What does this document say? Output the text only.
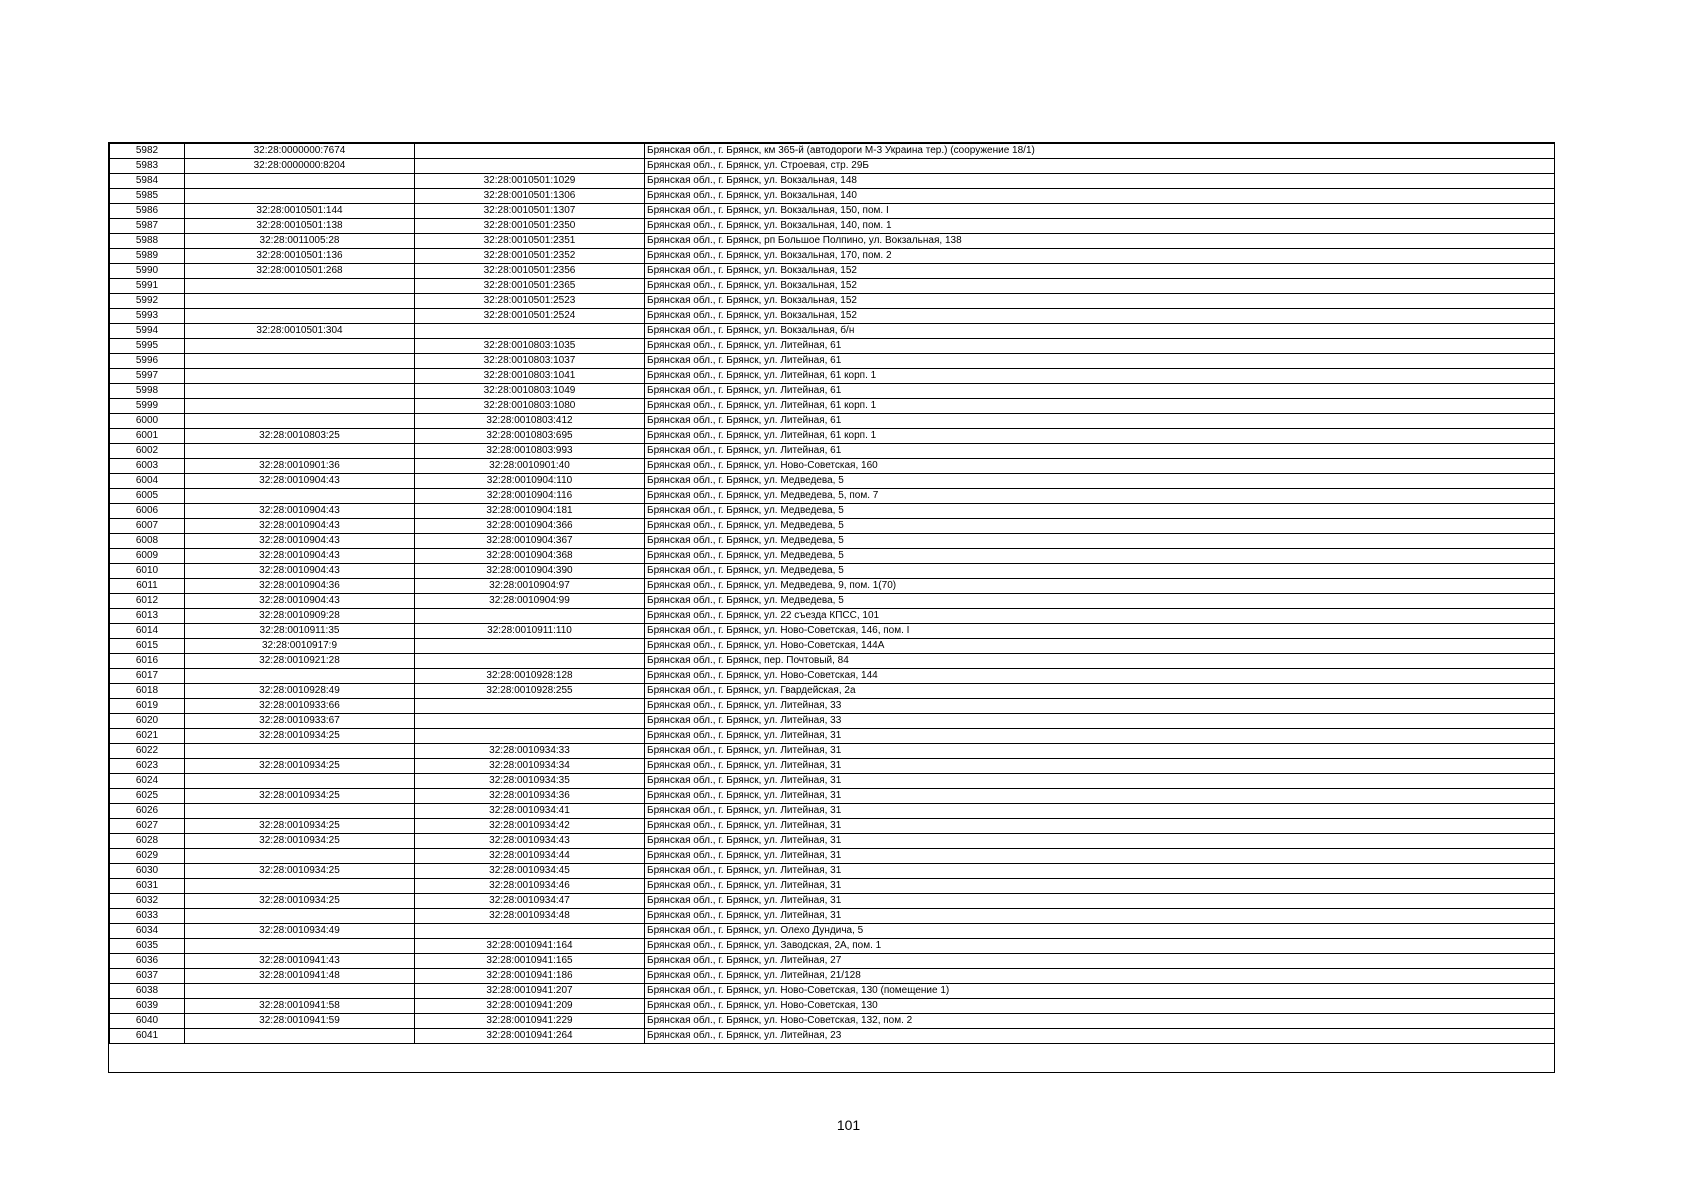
5982	32:28:0000000:7674		Брянская обл., г. Брянск, км 365-й (автодороги М-3 Украина тер.) (сооружение 18/1)
5983	32:28:0000000:8204		Брянская обл., г. Брянск, ул. Строевая, стр. 29Б
5984		32:28:0010501:1029	Брянская обл., г. Брянск, ул. Вокзальная, 148
5985		32:28:0010501:1306	Брянская обл., г. Брянск, ул. Вокзальная, 140
5986	32:28:0010501:144	32:28:0010501:1307	Брянская обл., г. Брянск, ул. Вокзальная, 150, пом. I
5987	32:28:0010501:138	32:28:0010501:2350	Брянская обл., г. Брянск, ул. Вокзальная, 140, пом. 1
5988	32:28:0011005:28	32:28:0010501:2351	Брянская обл., г. Брянск, рп Большое Полпино, ул. Вокзальная, 138
5989	32:28:0010501:136	32:28:0010501:2352	Брянская обл., г. Брянск, ул. Вокзальная, 170, пом. 2
5990	32:28:0010501:268	32:28:0010501:2356	Брянская обл., г. Брянск, ул. Вокзальная, 152
5991		32:28:0010501:2365	Брянская обл., г. Брянск, ул. Вокзальная, 152
5992		32:28:0010501:2523	Брянская обл., г. Брянск, ул. Вокзальная, 152
5993		32:28:0010501:2524	Брянская обл., г. Брянск, ул. Вокзальная, 152
5994	32:28:0010501:304		Брянская обл., г. Брянск, ул. Вокзальная, б/н
5995		32:28:0010803:1035	Брянская обл., г. Брянск, ул. Литейная, 61
5996		32:28:0010803:1037	Брянская обл., г. Брянск, ул. Литейная, 61
5997		32:28:0010803:1041	Брянская обл., г. Брянск, ул. Литейная, 61 корп. 1
5998		32:28:0010803:1049	Брянская обл., г. Брянск, ул. Литейная, 61
5999		32:28:0010803:1080	Брянская обл., г. Брянск, ул. Литейная, 61 корп. 1
6000		32:28:0010803:412	Брянская обл., г. Брянск, ул. Литейная, 61
6001	32:28:0010803:25	32:28:0010803:695	Брянская обл., г. Брянск, ул. Литейная, 61 корп. 1
6002		32:28:0010803:993	Брянская обл., г. Брянск, ул. Литейная, 61
6003	32:28:0010901:36	32:28:0010901:40	Брянская обл., г. Брянск, ул. Ново-Советская, 160
6004	32:28:0010904:43	32:28:0010904:110	Брянская обл., г. Брянск, ул. Медведева, 5
6005		32:28:0010904:116	Брянская обл., г. Брянск, ул. Медведева, 5, пом. 7
6006	32:28:0010904:43	32:28:0010904:181	Брянская обл., г. Брянск, ул. Медведева, 5
6007	32:28:0010904:43	32:28:0010904:366	Брянская обл., г. Брянск, ул. Медведева, 5
6008	32:28:0010904:43	32:28:0010904:367	Брянская обл., г. Брянск, ул. Медведева, 5
6009	32:28:0010904:43	32:28:0010904:368	Брянская обл., г. Брянск, ул. Медведева, 5
6010	32:28:0010904:43	32:28:0010904:390	Брянская обл., г. Брянск, ул. Медведева, 5
6011	32:28:0010904:36	32:28:0010904:97	Брянская обл., г. Брянск, ул. Медведева, 9, пом. 1(70)
6012	32:28:0010904:43	32:28:0010904:99	Брянская обл., г. Брянск, ул. Медведева, 5
6013	32:28:0010909:28		Брянская обл., г. Брянск, ул. 22 съезда КПСС, 101
6014	32:28:0010911:35	32:28:0010911:110	Брянская обл., г. Брянск, ул. Ново-Советская, 146, пом. I
6015	32:28:0010917:9		Брянская обл., г. Брянск, ул. Ново-Советская, 144А
6016	32:28:0010921:28		Брянская обл., г. Брянск, пер. Почтовый, 84
6017		32:28:0010928:128	Брянская обл., г. Брянск, ул. Ново-Советская, 144
6018	32:28:0010928:49	32:28:0010928:255	Брянская обл., г. Брянск, ул. Гвардейская, 2а
6019	32:28:0010933:66		Брянская обл., г. Брянск, ул. Литейная, 33
6020	32:28:0010933:67		Брянская обл., г. Брянск, ул. Литейная, 33
6021	32:28:0010934:25		Брянская обл., г. Брянск, ул. Литейная, 31
6022		32:28:0010934:33	Брянская обл., г. Брянск, ул. Литейная, 31
6023	32:28:0010934:25	32:28:0010934:34	Брянская обл., г. Брянск, ул. Литейная, 31
6024		32:28:0010934:35	Брянская обл., г. Брянск, ул. Литейная, 31
6025	32:28:0010934:25	32:28:0010934:36	Брянская обл., г. Брянск, ул. Литейная, 31
6026		32:28:0010934:41	Брянская обл., г. Брянск, ул. Литейная, 31
6027	32:28:0010934:25	32:28:0010934:42	Брянская обл., г. Брянск, ул. Литейная, 31
6028	32:28:0010934:25	32:28:0010934:43	Брянская обл., г. Брянск, ул. Литейная, 31
6029		32:28:0010934:44	Брянская обл., г. Брянск, ул. Литейная, 31
6030	32:28:0010934:25	32:28:0010934:45	Брянская обл., г. Брянск, ул. Литейная, 31
6031		32:28:0010934:46	Брянская обл., г. Брянск, ул. Литейная, 31
6032	32:28:0010934:25	32:28:0010934:47	Брянская обл., г. Брянск, ул. Литейная, 31
6033		32:28:0010934:48	Брянская обл., г. Брянск, ул. Литейная, 31
6034	32:28:0010934:49		Брянская обл., г. Брянск, ул. Олехо Дундича, 5
6035		32:28:0010941:164	Брянская обл., г. Брянск, ул. Заводская, 2А, пом. 1
6036	32:28:0010941:43	32:28:0010941:165	Брянская обл., г. Брянск, ул. Литейная, 27
6037	32:28:0010941:48	32:28:0010941:186	Брянская обл., г. Брянск, ул. Литейная, 21/128
6038		32:28:0010941:207	Брянская обл., г. Брянск, ул. Ново-Советская, 130 (помещение 1)
6039	32:28:0010941:58	32:28:0010941:209	Брянская обл., г. Брянск, ул. Ново-Советская, 130
6040	32:28:0010941:59	32:28:0010941:229	Брянская обл., г. Брянск, ул. Ново-Советская, 132, пом. 2
6041		32:28:0010941:264	Брянская обл., г. Брянск, ул. Литейная, 23
101
